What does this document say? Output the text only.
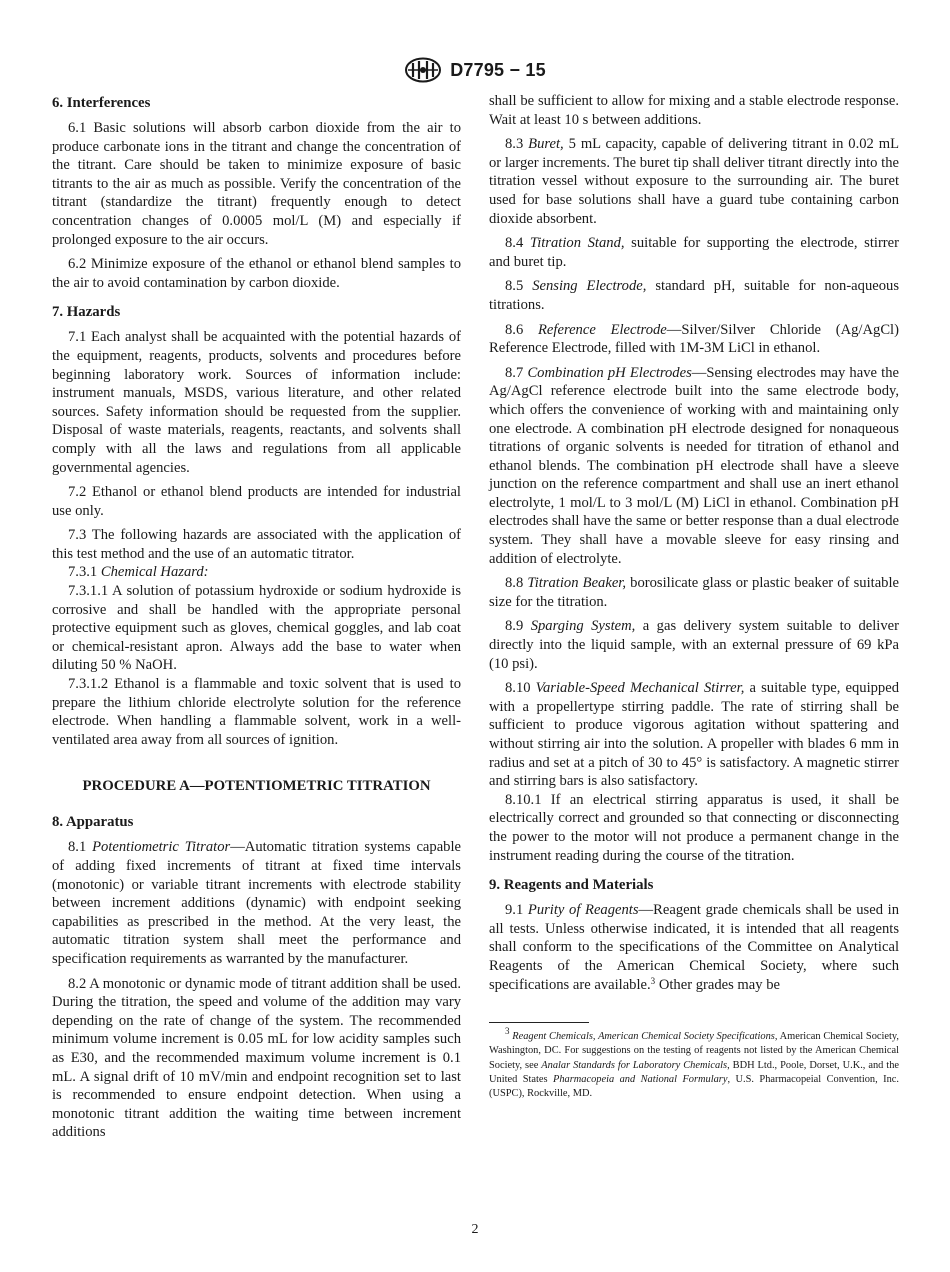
D7795 − 15
6. Interferences

6.1 Basic solutions will absorb carbon dioxide from the air to produce carbonate ions in the titrant and change the concentration of the titrant. Care should be taken to minimize exposure of basic titrants to the air as much as possible. Verify the concentration of the titrant (standardize the titrant) frequently enough to detect concentration changes of 0.0005 mol/L (M) and especially if prolonged exposure to the air occurs.

6.2 Minimize exposure of the ethanol or ethanol blend samples to the air to avoid contamination by carbon dioxide.

7. Hazards

7.1 Each analyst shall be acquainted with the potential hazards of the equipment, reagents, products, solvents and procedures before beginning laboratory work. Sources of information include: instrument manuals, MSDS, various literature, and other related sources. Safety information should be requested from the supplier. Disposal of waste materials, reagents, reactants, and solvents shall comply with all the laws and regulations from all applicable governmental agencies.

7.2 Ethanol or ethanol blend products are intended for industrial use only.

7.3 The following hazards are associated with the application of this test method and the use of an automatic titrator.

7.3.1 Chemical Hazard:

7.3.1.1 A solution of potassium hydroxide or sodium hydroxide is corrosive and shall be handled with the appropriate personal protective equipment such as gloves, chemical goggles, and lab coat or chemical-resistant apron. Always add the base to water when diluting 50 % NaOH.

7.3.1.2 Ethanol is a flammable and toxic solvent that is used to prepare the lithium chloride electrolyte solution for the reference electrode. When handling a flammable solvent, work in a well-ventilated area away from all sources of ignition.

PROCEDURE A—POTENTIOMETRIC TITRATION
8. Apparatus

8.1 Potentiometric Titrator—Automatic titration systems capable of adding fixed increments of titrant at fixed time intervals (monotonic) or variable titrant increments with electrode stability between increment additions (dynamic) with endpoint seeking capabilities as prescribed in the method. At the very least, the automatic titration system shall meet the performance and specification requirements as warranted by the manufacturer.

8.2 A monotonic or dynamic mode of titrant addition shall be used. During the titration, the speed and volume of the addition may vary depending on the rate of change of the system. The recommended minimum volume increment is 0.05 mL for low acidity samples such as E30, and the recommended maximum volume increment is 0.1 mL. A signal drift of 10 mV/min and endpoint recognition set to last is recommended to ensure endpoint detection. When using a monotonic titrant addition the waiting time between increment additions

shall be sufficient to allow for mixing and a stable electrode response. Wait at least 10 s between additions.

8.3 Buret, 5 mL capacity, capable of delivering titrant in 0.02 mL or larger increments. The buret tip shall deliver titrant directly into the titration vessel without exposure to the surrounding air. The buret used for base solutions shall have a guard tube containing carbon dioxide absorbent.

8.4 Titration Stand, suitable for supporting the electrode, stirrer and buret tip.

8.5 Sensing Electrode, standard pH, suitable for non-aqueous titrations.

8.6 Reference Electrode—Silver/Silver Chloride (Ag/AgCl) Reference Electrode, filled with 1M-3M LiCl in ethanol.

8.7 Combination pH Electrodes—Sensing electrodes may have the Ag/AgCl reference electrode built into the same electrode body, which offers the convenience of working with and maintaining only one electrode. A combination pH electrode designed for nonaqueous titrations of organic solvents is needed for titration of ethanol and ethanol blends. The combination pH electrode shall have a sleeve junction on the reference compartment and shall use an inert ethanol electrolyte, 1 mol/L to 3 mol/L (M) LiCl in ethanol. Combination pH electrodes shall have the same or better response than a dual electrode system. They shall have a movable sleeve for easy rinsing and addition of electrolyte.

8.8 Titration Beaker, borosilicate glass or plastic beaker of suitable size for the titration.

8.9 Sparging System, a gas delivery system suitable to deliver directly into the liquid sample, with an external pressure of 69 kPa (10 psi).

8.10 Variable-Speed Mechanical Stirrer, a suitable type, equipped with a propellertype stirring paddle. The rate of stirring shall be sufficient to produce vigorous agitation without spattering and without stirring air into the solution. A propeller with blades 6 mm in radius and set at a pitch of 30 to 45° is satisfactory. A magnetic stirrer and stirring bars is also satisfactory.

8.10.1 If an electrical stirring apparatus is used, it shall be electrically correct and grounded so that connecting or disconnecting the power to the motor will not produce a permanent change in the instrument reading during the course of the titration.

9. Reagents and Materials

9.1 Purity of Reagents—Reagent grade chemicals shall be used in all tests. Unless otherwise indicated, it is intended that all reagents shall conform to the specifications of the Committee on Analytical Reagents of the American Chemical Society, where such specifications are available.$^3$ Other grades may be

$^3$ Reagent Chemicals, American Chemical Society Specifications, American Chemical Society, Washington, DC. For suggestions on the testing of reagents not listed by the American Chemical Society, see Analar Standards for Laboratory Chemicals, BDH Ltd., Poole, Dorset, U.K., and the United States Pharmacopeia and National Formulary, U.S. Pharmacopeial Convention, Inc. (USPC), Rockville, MD.

2
